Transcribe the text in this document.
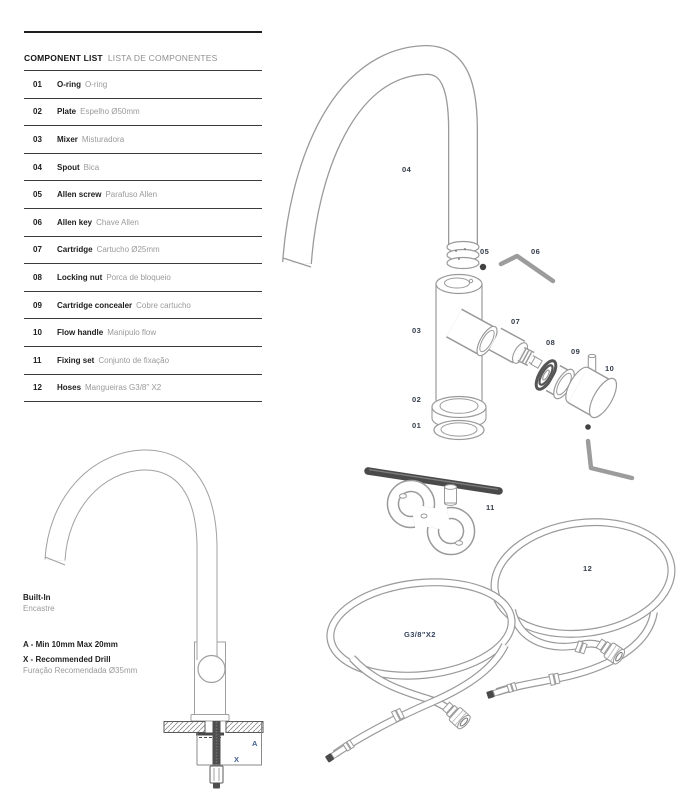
COMPONENT LIST LISTA DE COMPONENTES
01	O-ring O-ring
02	Plate Espelho Ø50mm
03	Mixer Misturadora
04	Spout Bica
05	Allen screw Parafuso Allen
06	Allen key Chave Allen
07	Cartridge Cartucho Ø25mm
08	Locking nut Porca de bloqueio
09	Cartridge concealer Cobre cartucho
10	Flow handle Manipulo flow
11	Fixing set Conjunto de fixação
12	Hoses Mangueiras G3/8" X2
04
05	06
03
07
08
09
10
02
01
11
12
G3/8"X2
Built-In
Encastre
A - Min 10mm Max 20mm
X - Recommended Drill
Furação Recomendada Ø35mm
A
X
